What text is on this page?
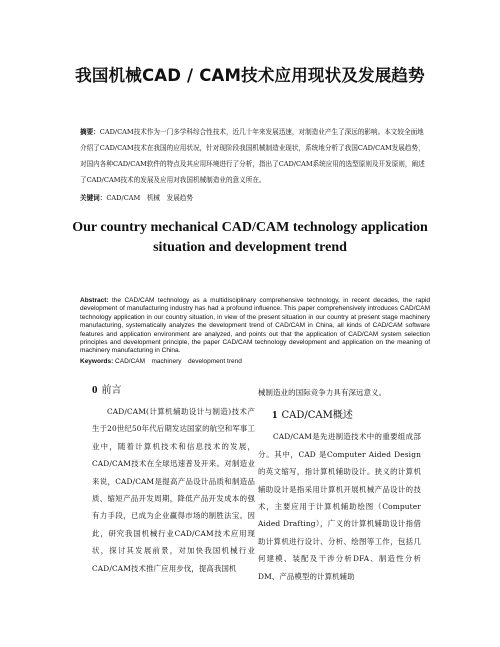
我国机械CAD / CAM技术应用现状及发展趋势
摘要：CAD/CAM技术作为一门多学科综合性技术，近几十年来发展迅速，对制造业产生了深远的影响。本文较全面地介绍了CAD/CAM技术在我国的应用状况，针对现阶段我国机械制造业现状，系统地分析了我国CAD/CAM发展趋势，对国内各种CAD/CAM软件的特点及其应用环境进行了分析，指出了CAD/CAM系统应用的选型原则及开发原则，阐述了CAD/CAM技术的发展及应用对我国机械制造业的意义所在。
关键词：CAD/CAM　机械　发展趋势
Our country mechanical CAD/CAM technology application situation and development trend
Abstract: the CAD/CAM technology as a multidisciplinary comprehensive technology, in recent decades, the rapid development of manufacturing industry has had a profound influence. This paper comprehensively introduces CAD/CAM technology application in our country situation, in view of the present situation in our country at present stage machinery manufacturing, systematically analyzes the development trend of CAD/CAM in China, all kinds of CAD/CAM software features and application environment are analyzed, and points out that the application of CAD/CAM system selection principles and development principle, the paper CAD/CAM technology development and application on the meaning of machinery manufacturing in China.
Keywords: CAD/CAM　machinery　development trend
0 前言

CAD/CAM(计算机辅助设计与制造)技术产生于20世纪50年代后期发达国家的航空和军事工业中，随着计算机技术和信息技术的发展，CAD/CAM技术在全球迅速普及开来。对制造业来说，CAD/CAM是提高产品设计品质和制造品质、缩短产品开发周期，降低产品开发成本的强有力手段，已成为企业赢得市场的制胜法宝。因此，研究我国机械行业CAD/CAM技术应用现状，探讨其发展前景，对加快我国机械行业CAD/CAM技术推广应用步伐，提高我国机

械制造业的国际竞争力具有深远意义。

1 CAD/CAM概述

CAD/CAM是先进制造技术中的重要组成部分。其中，CAD 是Computer Aided Design的英文缩写，指计算机辅助设计。狭义的计算机辅助设计是指采用计算机开展机械产品设计的技术，主要应用于计算机辅助绘图（Computer Aided Drafting），广义的计算机辅助设计指借助计算机进行设计、分析、绘图等工作，包括几何建模、装配及干涉分析DFA、制造性分析DM、产品模型的计算机辅助
